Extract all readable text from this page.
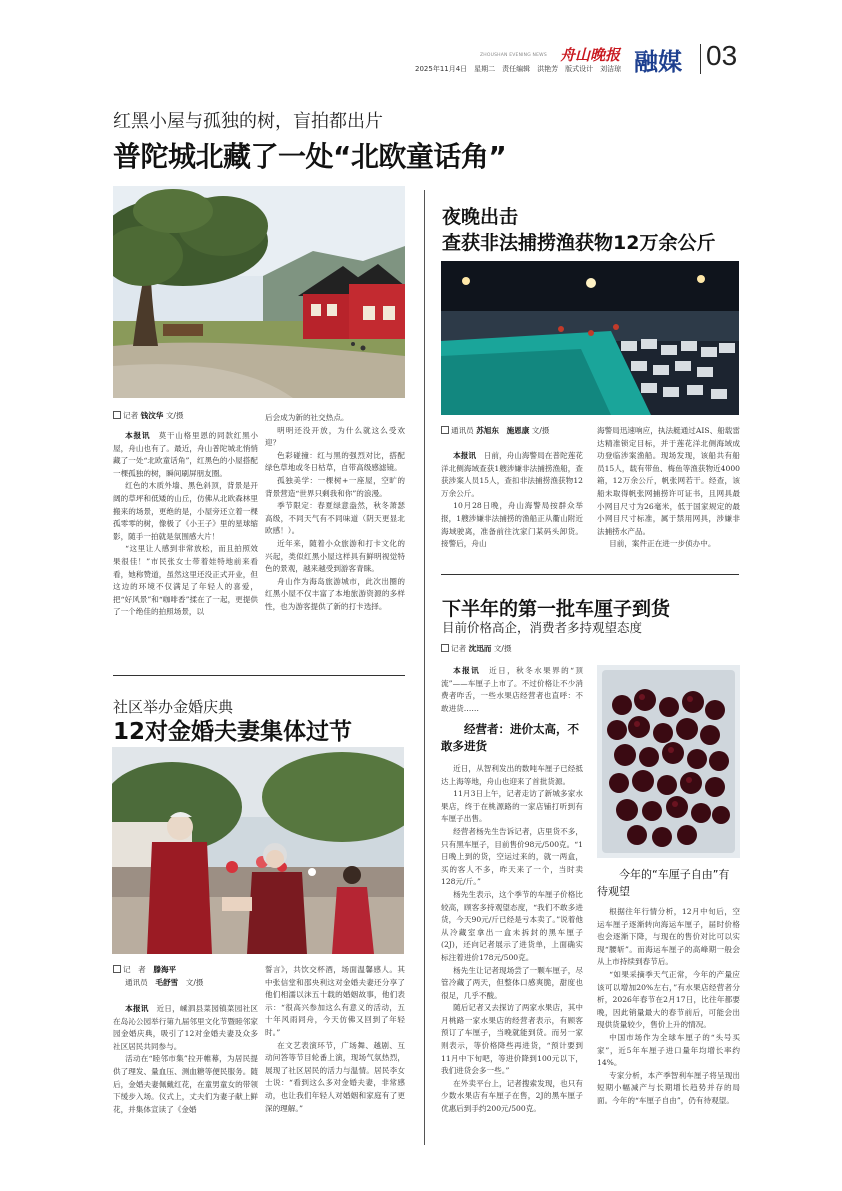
2025年11月4日　星期二　责任编辑　洪艳芳　版式设计　刘洁琼
ZHOUSHAN EVENING NEWS 舟山晚报 融媒 03
红黑小屋与孤独的树，盲拍都出片
普陀城北藏了一处“北欧童话角”
记者 钱汶华 文/摄

本报讯　 莫干山格里恩的同款红黑小屋，舟山也有了。最近，舟山普陀城北悄悄藏了一处“北欧童话角”，红黑色的小屋搭配一棵孤独的树，瞬间刷屏朋友圈。

红色的木质外墙、黑色斜顶，背景是开阔的草坪和低矮的山丘，仿佛从北欧森林里搬来的场景，更绝的是，小屋旁还立着一棵孤零零的树，像极了《小王子》里的星球缩影，随手一拍就是氛围感大片！

“这里让人感到非常放松，而且拍照效果很佳！”市民张女士带着娃特地前来看看，她称赞道，虽然这里还没正式开业，但这边的环境不仅满足了年轻人的喜爱，把“好风景”和“咖啡香”揉在了一起，更提供了一个绝佳的拍照场景，以

后会成为新的社交热点。

明明还没开放，为什么就这么受欢迎？

色彩碰撞：红与黑的强烈对比，搭配绿色草地或冬日枯草，自带高级感滤镜。

孤独美学：一棵树+一座屋，空旷的背景营造“世界只剩我和你”的浪漫。

季节限定：春夏绿意盎然，秋冬萧瑟高级，不同天气有不同味道（阴天更显北欧感！）。

近年来，随着小众旅游和打卡文化的兴起，类似红黑小屋这样具有鲜明视觉特色的景观，越来越受到游客青睐。

舟山作为海岛旅游城市，此次出圈的红黑小屋不仅丰富了本地旅游资源的多样性，也为游客提供了新的打卡选择。

夜晚出击
查获非法捕捞渔获物12万余公斤
通讯员 苏旭东　施恩康 文/摄

本报讯　 日前，舟山海警局在普陀莲花洋北侧海域查获1艘涉嫌非法捕捞渔船，查获涉案人员15人，查扣非法捕捞渔获物12万余公斤。

10月28日晚，舟山海警局按群众举报，1艘涉嫌非法捕捞的渔船正从衢山附近海域驶离，准备前往沈家门某码头卸货。接警后，舟山

海警局迅速响应，执法艇通过AIS、船载雷达精准锁定目标，并于莲花洋北侧海域成功登临涉案渔船。现场发现，该船共有船员15人，载有带鱼、梅鱼等渔获物近4000箱，12万余公斤，帆张网若干。经查，该船未取得帆张网捕捞许可证书，且网具最小网目尺寸为26毫米，低于国家规定的最小网目尺寸标准，属于禁用网具，涉嫌非法捕捞水产品。

目前，案件正在进一步侦办中。

社区举办金婚庆典
12对金婚夫妻集体过节
记　者　 滕海平
通讯员　 毛舒雪　 文/摄

本报讯　 近日，嵊泗县菜园镇菜园社区在岛沁公园举行第九届邻里文化节暨睦邻家园金婚庆典，吸引了12对金婚夫妻及众多社区居民共同参与。

活动在“睦邻市集”拉开帷幕，为居民提供了理发、量血压、测血糖等便民服务。随后，金婚夫妻佩戴红花，在童男童女的带领下缓步入场。仪式上，丈夫们为妻子献上鲜花，并集体宣读了《金婚

誓言》，共饮交杯酒，场面温馨感人。其中张信堂和邵央利这对金婚夫妻还分享了他们相濡以沫五十载的婚姻故事，他们表示：“很高兴参加这么有意义的活动，五十年风雨同舟，今天仿佛又回到了年轻时。”

在文艺表演环节，广场舞、越剧、互动问答等节目轮番上演，现场气氛热烈，展现了社区居民的活力与温情。居民李女士说：“看到这么多对金婚夫妻，非常感动，也让我们年轻人对婚姻和家庭有了更深的理解。”

下半年的第一批车厘子到货
目前价格高企，消费者多持观望态度
记者 沈迅而 文/摄

本报讯　 近日，秋冬水果界的“顶流”——车厘子上市了。不过价格让不少消费者咋舌，一些水果店经营者也直呼：不敢进货……

经营者：进价太高，不敢多进货

近日，从智利发出的数吨车厘子已经抵达上海等地，舟山也迎来了首批货源。

11月3日上午，记者走访了新城多家水果店，终于在桃源路的一家店铺打听到有车厘子出售。

经营者杨先生告诉记者，店里货不多，只有黑车厘子，目前售价98元/500克。“1日晚上到的货，空运过来的，就一两盒，买的客人不多，昨天来了一个，当时卖128元/斤。”

杨先生表示，这个季节的车厘子价格比较高，顾客多持观望态度，“我们不敢多进货，今天90元/斤已经是亏本卖了。”说着他从冷藏室拿出一盒未拆封的黑车厘子(2J)，还向记者展示了进货单，上面确实标注着进价178元/500克。

杨先生让记者现场尝了一颗车厘子，尽管冷藏了两天，但整体口感爽脆，甜度也很足，几乎不酸。

随后记者又去探访了两家水果店，其中月桃路一家水果店的经营者表示，有顾客预订了车厘子，当晚就能到货。而另一家则表示，等价格降些再进货，“预计要到11月中下旬吧，等进价降到100元以下，我们进货会多一些。”

在外卖平台上，记者搜索发现，也只有少数水果店有车厘子在售，2J的黑车厘子优惠后到手约200元/500克。

今年的“车厘子自由”有待观望

根据往年行情分析，12月中旬后，空运车厘子逐渐转向海运车厘子，届时价格也会逐渐下降，与现在的售价对比可以实现“腰斩”。而海运车厘子的高峰期一般会从上市持续到春节后。

“如果采摘季天气正常，今年的产量应该可以增加20%左右，”有水果店经营者分析，2026年春节在2月17日，比往年都要晚，因此销量最大的春节前后，可能会出现供货量较少，售价上升的情况。

中国市场作为全球车厘子的“头号买家”，近5年车厘子进口量年均增长率约14%。

专家分析，本产季智利车厘子将呈现出短期小幅减产与长期增长趋势并存的局面。今年的“车厘子自由”，仍有待观望。
